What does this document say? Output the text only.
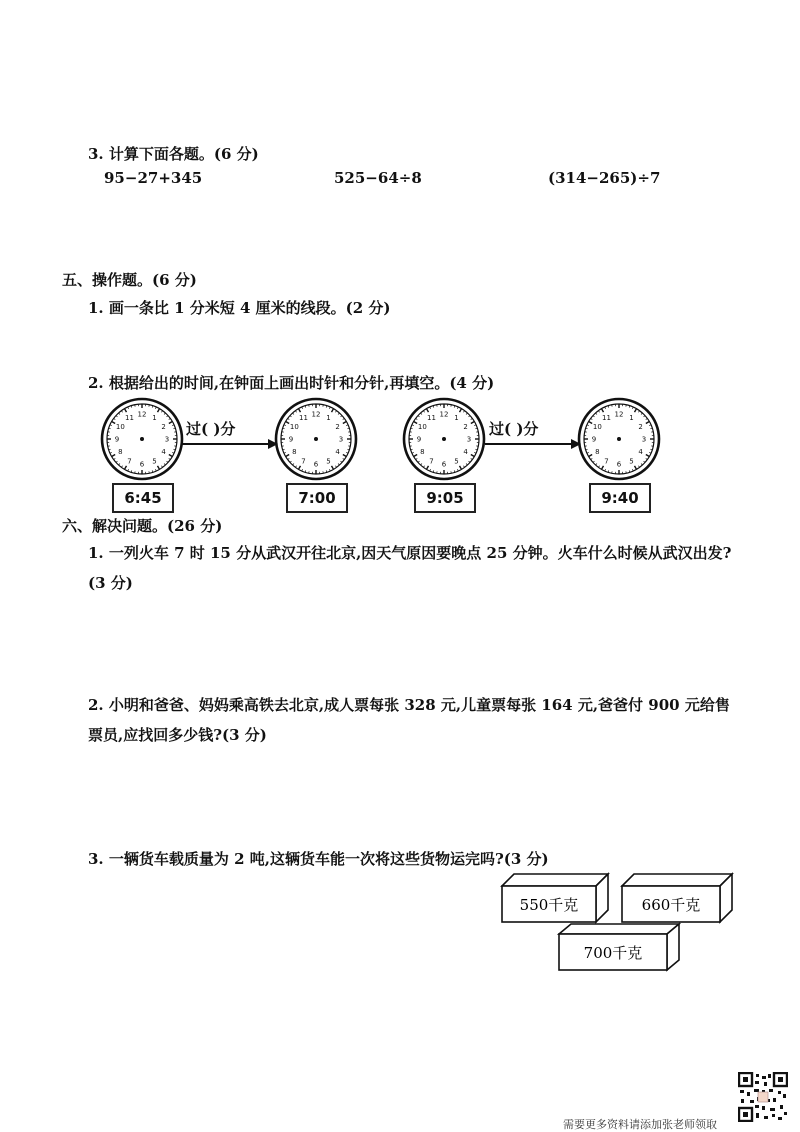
3. 计算下面各题。(6 分)
95−27+345	525−64÷8	(314−265)÷7
五、操作题。(6 分)
1. 画一条比 1 分米短 4 厘米的线段。(2 分)
2. 根据给出的时间,在钟面上画出时针和分针,再填空。(4 分)
12 1
2
3
4
5
6
7
8
9
10
11	12 1
2
3
4
5
6
7
8
9
10
11	12 1
2
3
4
5
6
7
8
9
10
11	12 1
2
3
4
5
6
7
8
9
10
11
过( )分	过( )分
6:45	7:00	9:05	9:40
六、解决问题。(26 分)
1. 一列火车 7 时 15 分从武汉开往北京,因天气原因要晚点 25 分钟。火车什么时候从武汉出发?(3 分)
2. 小明和爸爸、妈妈乘高铁去北京,成人票每张 328 元,儿童票每张 164 元,爸爸付 900 元给售票员,应找回多少钱?(3 分)
3. 一辆货车载质量为 2 吨,这辆货车能一次将这些货物运完吗?(3 分)
550千克	660千克
700千克
需要更多资料请添加张老师领取
